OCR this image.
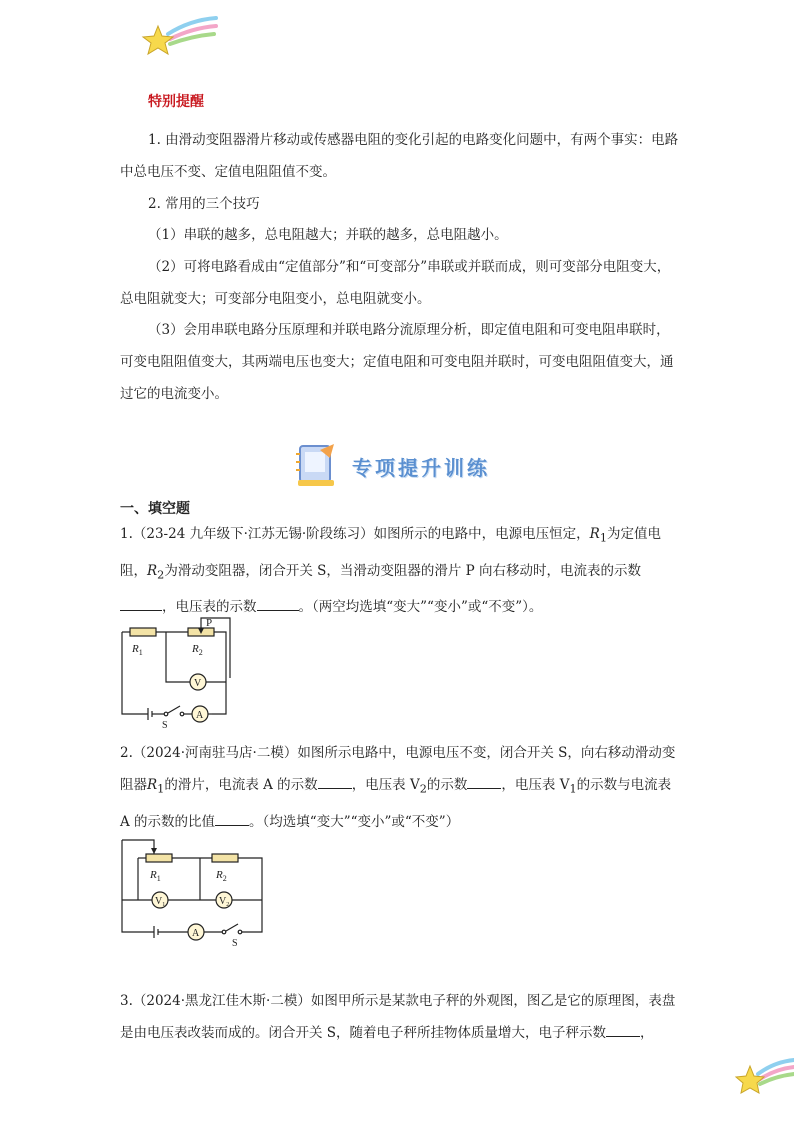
特别提醒

1. 由滑动变阻器滑片移动或传感器电阻的变化引起的电路变化问题中，有两个事实：电路中总电压不变、定值电阻阻值不变。

2. 常用的三个技巧

（1）串联的越多，总电阻越大；并联的越多，总电阻越小。

（2）可将电路看成由“定值部分”和“可变部分”串联或并联而成，则可变部分电阻变大，总电阻就变大；可变部分电阻变小，总电阻就变小。

（3）会用串联电路分压原理和并联电路分流原理分析，即定值电阻和可变电阻串联时，可变电阻阻值变大，其两端电压也变大；定值电阻和可变电阻并联时，可变电阻阻值变大，通过它的电流变小。

专项提升训练
一、填空题

1.（23-24 九年级下·江苏无锡·阶段练习）如图所示的电路中，电源电压恒定，$R_1$为定值电阻，$R_2$为滑动变阻器，闭合开关 S，当滑动变阻器的滑片 P 向右移动时，电流表的示数，电压表的示数	。（两空均选填“变大”“变小”或“不变”）。

P
$R_1$	$R_2$
V
A
S

2.（2024·河南驻马店·二模）如图所示电路中，电源电压不变，闭合开关 S，向右移动滑动变阻器$R_1$的滑片，电流表 A 的示数	，电压表 $V_2$的示数	，电压表 $V_1$的示数与电流表 A 的示数的比值	。（均选填“变大”“变小”或“不变”）

$R_1$	$R_2$
$V_1$	$V_2$
A
S

3.（2024·黑龙江佳木斯·二模）如图甲所示是某款电子秤的外观图，图乙是它的原理图，表盘是由电压表改装而成的。闭合开关 S，随着电子秤所挂物体质量增大，电子秤示数	，
